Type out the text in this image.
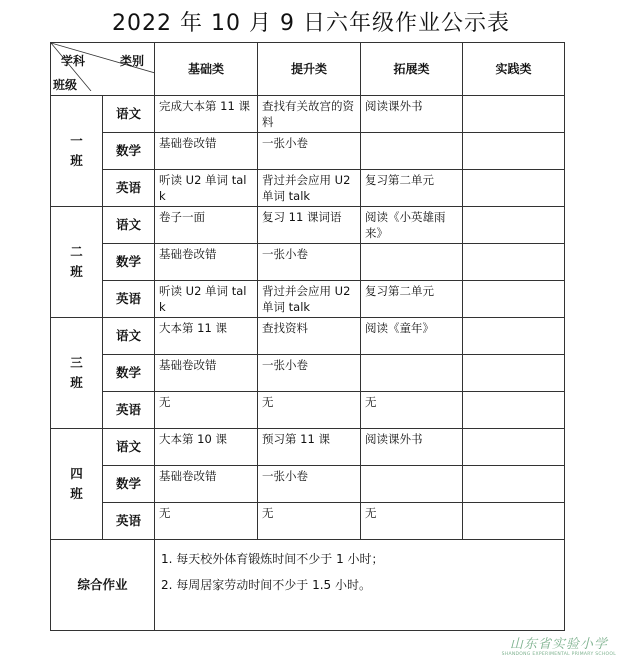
2022 年 10 月 9 日六年级作业公示表
学科 类别
班级		基础类	提升类	拓展类	实践类

一
班	语文	完成大本第 11 课	查找有关故宫的资料	阅读课外书	
	数学	基础卷改错	一张小卷		
	英语	听读 U2 单词 talk	背过并会应用 U2 单词 talk	复习第二单元	

二
班	语文	卷子一面	复习 11 课词语	阅读《小英雄雨来》	
	数学	基础卷改错	一张小卷		
	英语	听读 U2 单词 talk	背过并会应用 U2 单词 talk	复习第二单元	

三
班	语文	大本第 11 课	查找资料	阅读《童年》	
	数学	基础卷改错	一张小卷		
	英语	无	无	无	

四
班	语文	大本第 10 课	预习第 11 课	阅读课外书	
	数学	基础卷改错	一张小卷		
	英语	无	无	无	
综合作业		1. 每天校外体育锻炼时间不少于 1 小时；
2. 每周居家劳动时间不少于 1.5 小时。			
山东省实验小学
SHANDONG EXPERIMENTAL PRIMARY SCHOOL
